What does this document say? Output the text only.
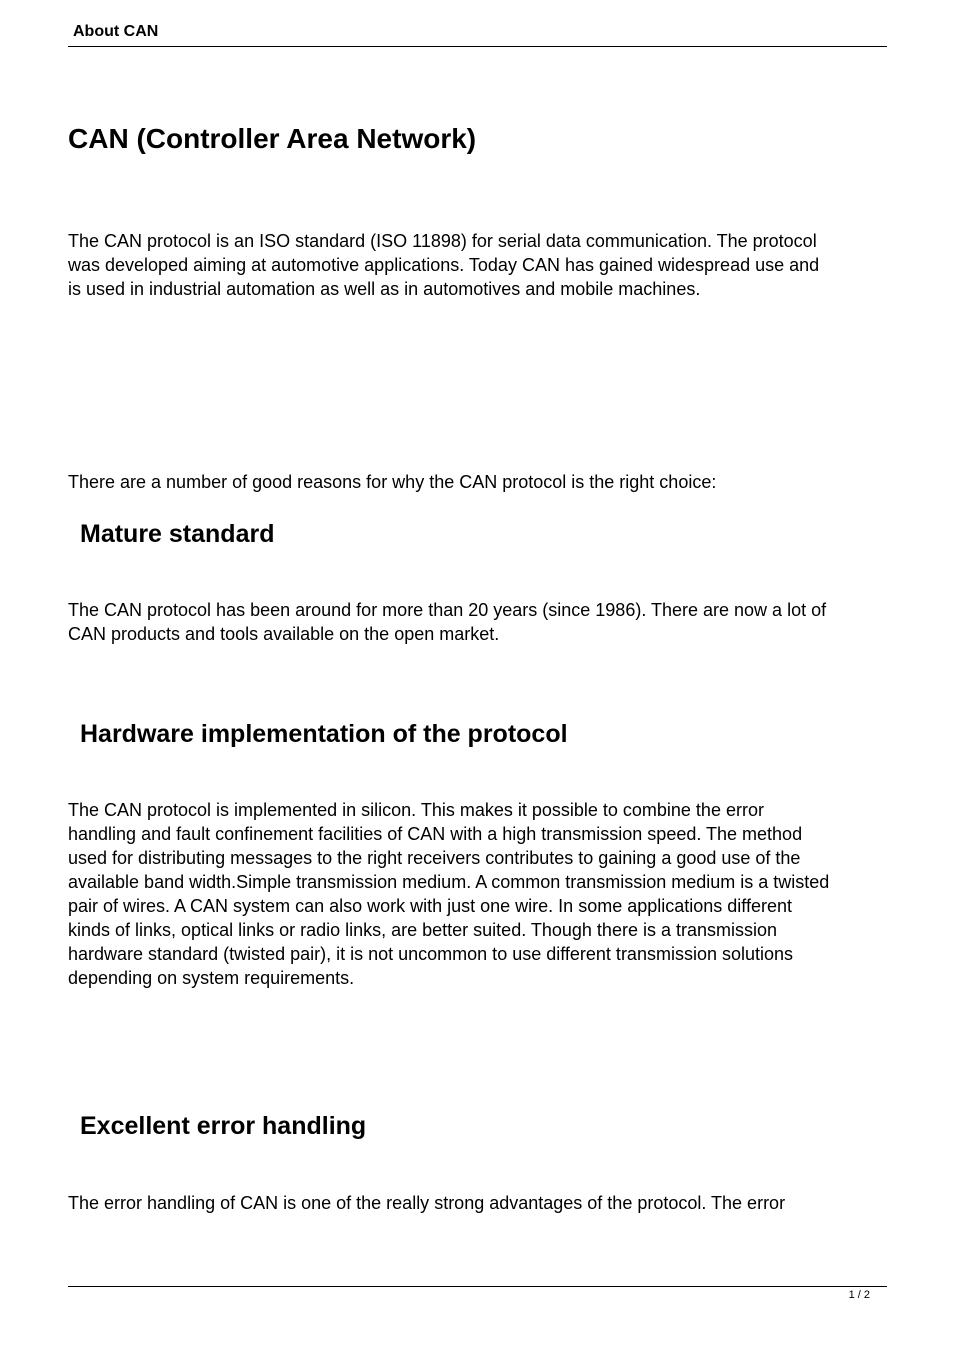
About CAN
CAN (Controller Area Network)

The CAN protocol is an ISO standard (ISO 11898) for serial data communication. The protocol
was developed aiming at automotive applications. Today CAN has gained widespread use and
is used in industrial automation as well as in automotives and mobile machines.

There are a number of good reasons for why the CAN protocol is the right choice:

Mature standard

The CAN protocol has been around for more than 20 years (since 1986). There are now a lot of
CAN products and tools available on the open market.

Hardware implementation of the protocol

The CAN protocol is implemented in silicon. This makes it possible to combine the error
handling and fault confinement facilities of CAN with a high transmission speed. The method
used for distributing messages to the right receivers contributes to gaining a good use of the
available band width.Simple transmission medium. A common transmission medium is a twisted
pair of wires. A CAN system can also work with just one wire. In some applications different
kinds of links, optical links or radio links, are better suited. Though there is a transmission
hardware standard (twisted pair), it is not uncommon to use different transmission solutions
depending on system requirements.

Excellent error handling

The error handling of CAN is one of the really strong advantages of the protocol. The error

1 / 2
